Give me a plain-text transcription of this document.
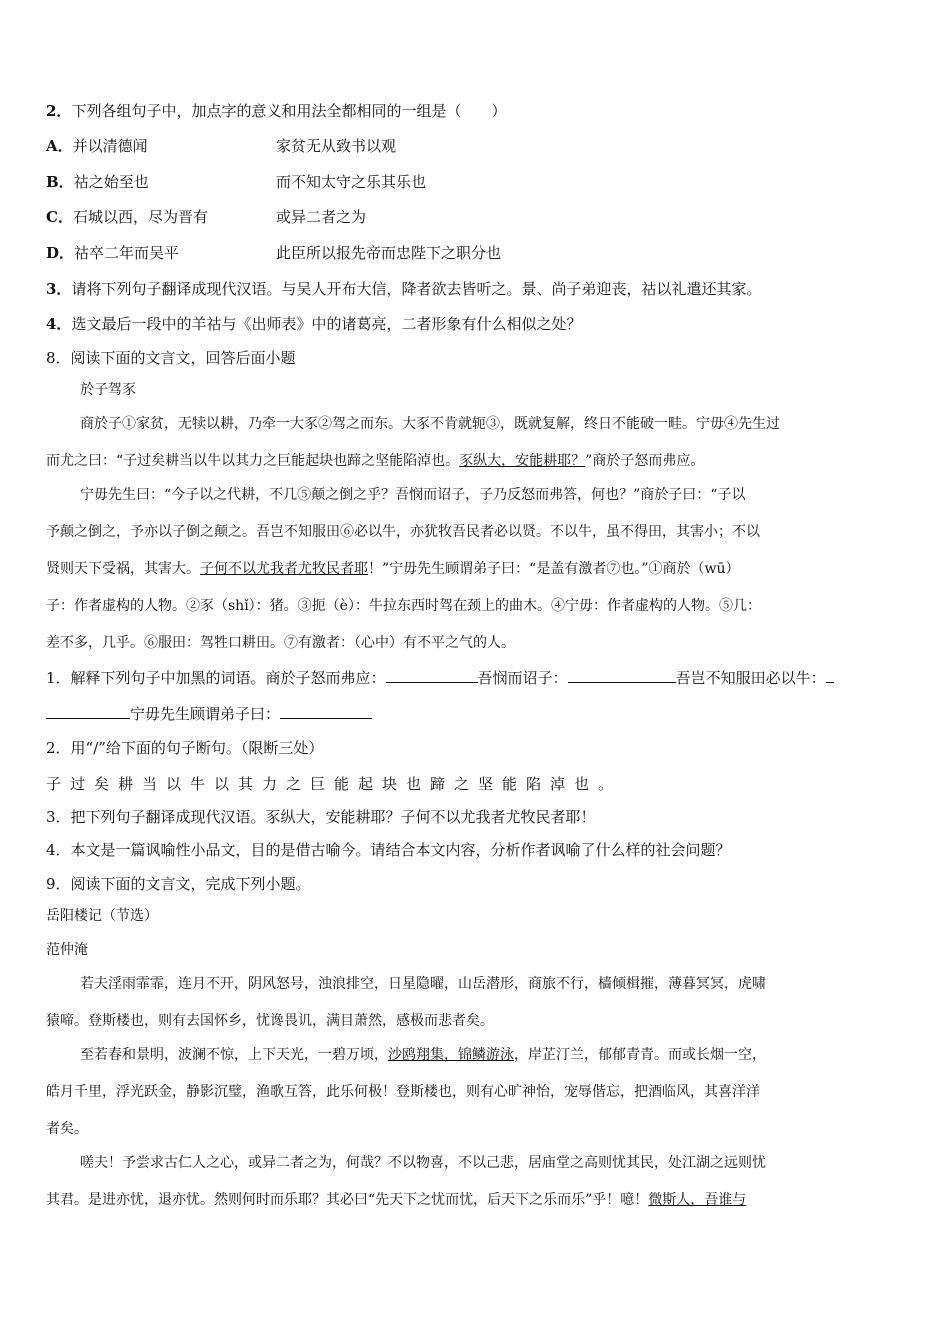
2．下列各组句子中，加点字的意义和用法全都相同的一组是（　　）
A．并以清德闻	家贫无从致书以观
B．祜之始至也	而不知太守之乐其乐也
C．石城以西，尽为晋有	或异二者之为
D．祜卒二年而吴平	此臣所以报先帝而忠陛下之职分也
3．请将下列句子翻译成现代汉语。与吴人开布大信，降者欲去皆听之。景、尚子弟迎丧，祜以礼遣还其家。
4．选文最后一段中的羊祜与《出师表》中的诸葛亮，二者形象有什么相似之处？
8．阅读下面的文言文，回答后面小题
於子驾豕
商於子①家贫，无犊以耕，乃牵一大豕②驾之而东。大豕不肯就轭③，既就复解，终日不能破一畦。宁毋④先生过
而尤之曰：“子过矣耕当以牛以其力之巨能起块也蹄之坚能陷淖也。豕纵大，安能耕耶？”商於子怒而弗应。
宁毋先生曰：“今子以之代耕，不几⑤颠之倒之乎？吾悯而诏子，子乃反怒而弗答，何也？”商於子曰：“子以
予颠之倒之，予亦以子倒之颠之。吾岂不知服田⑥必以牛，亦犹牧吾民者必以贤。不以牛，虽不得田，其害小；不以
贤则天下受祸，其害大。子何不以尤我者尤牧民者耶！”宁毋先生顾谓弟子曰：“是盖有激者⑦也。”①商於（wū）
子：作者虚构的人物。②豕（shǐ）：猪。③扼（è）：牛拉东西时驾在颈上的曲木。④宁毋：作者虚构的人物。⑤几：
差不多，几乎。⑥服田：驾牲口耕田。⑦有激者：（心中）有不平之气的人。
1．解释下列句子中加黑的词语。商於子怒而弗应：	吾悯而诏子：	吾岂不知服田必以牛：
宁毋先生顾谓弟子曰：
2．用“/”给下面的句子断句。（限断三处）
子过矣耕当以牛以其力之巨能起块也蹄之坚能陷淖也。
3．把下列句子翻译成现代汉语。豕纵大，安能耕耶？子何不以尤我者尤牧民者耶！
4．本文是一篇讽喻性小品文，目的是借古喻今。请结合本文内容，分析作者讽喻了什么样的社会问题？
9．阅读下面的文言文，完成下列小题。
岳阳楼记（节选）
范仲淹
若夫淫雨霏霏，连月不开，阴风怒号，浊浪排空，日星隐曜，山岳潜形，商旅不行，樯倾楫摧，薄暮冥冥，虎啸
猿啼。登斯楼也，则有去国怀乡，忧谗畏讥，满目萧然，感极而悲者矣。
至若春和景明，波澜不惊，上下天光，一碧万顷，沙鸥翔集，锦鳞游泳，岸芷汀兰，郁郁青青。而或长烟一空，
皓月千里，浮光跃金，静影沉璧，渔歌互答，此乐何极！登斯楼也，则有心旷神怡，宠辱偕忘，把酒临风，其喜洋洋
者矣。
嗟夫！予尝求古仁人之心，或异二者之为，何哉？不以物喜，不以己悲，居庙堂之高则忧其民，处江湖之远则忧
其君。是进亦忧，退亦忧。然则何时而乐耶？其必曰“先天下之忧而忧，后天下之乐而乐”乎！噫！微斯人，吾谁与
